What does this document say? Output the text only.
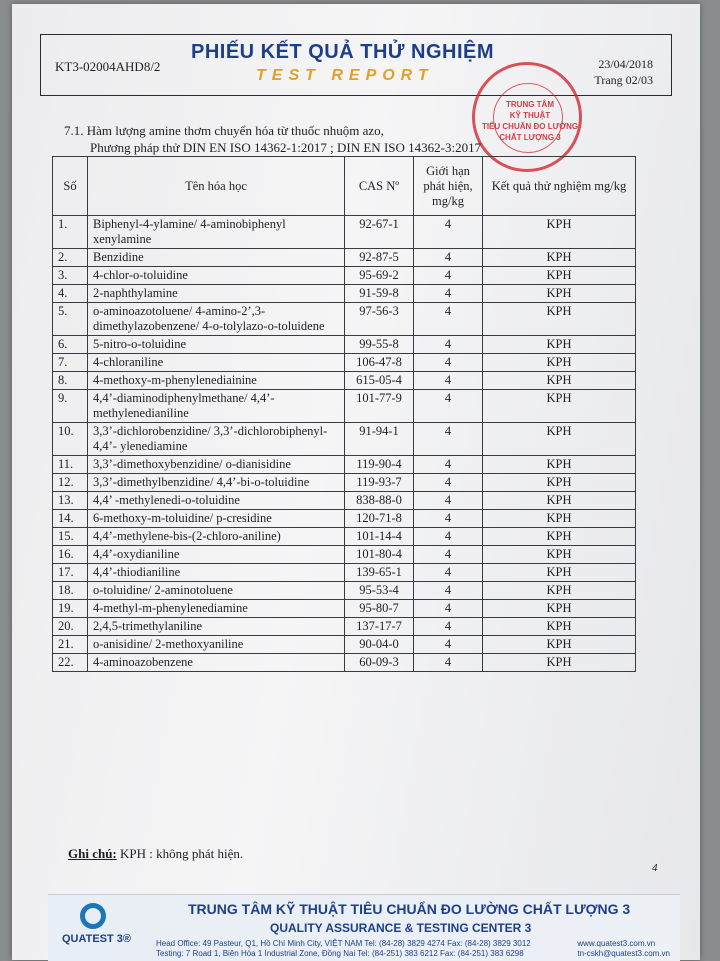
KT3-02004AHD8/2
PHIẾU KẾT QUẢ THỬ NGHIỆM
TEST REPORT
23/04/2018
Trang 02/03
TRUNG TÂM
KỸ THUẬT
TIÊU CHUẨN ĐO LƯỜNG
CHẤT LƯỢNG 3
7.1. Hàm lượng amine thơm chuyển hóa từ thuốc nhuộm azo,
Phương pháp thử DIN EN ISO 14362-1:2017 ; DIN EN ISO 14362-3:2017
Số	Tên hóa học	CAS Nº	Giới hạn phát hiện, mg/kg	Kết quả thử nghiệm mg/kg
1.	Biphenyl-4-ylamine/ 4-aminobiphenyl xenylamine	92-67-1	4	KPH
2.	Benzidine	92-87-5	4	KPH
3.	4-chlor-o-toluidine	95-69-2	4	KPH
4.	2-naphthylamine	91-59-8	4	KPH
5.	o-aminoazotoluene/ 4-amino-2’,3-dimethylazobenzene/ 4-o-tolylazo-o-toluidene	97-56-3	4	KPH
6.	5-nitro-o-toluidine	99-55-8	4	KPH
7.	4-chloraniline	106-47-8	4	KPH
8.	4-methoxy-m-phenylenediainine	615-05-4	4	KPH
9.	4,4’-diaminodiphenylmethane/ 4,4’-methylenedianiline	101-77-9	4	KPH
10.	3,3’-dichlorobenzidine/ 3,3’-dichlorobiphenyl-4,4’- ylenediamine	91-94-1	4	KPH
11.	3,3’-dimethoxybenzidine/ o-dianisidine	119-90-4	4	KPH
12.	3,3’-dimethylbenzidine/ 4,4’-bi-o-toluidine	119-93-7	4	KPH
13.	4,4’ -methylenedi-o-toluidine	838-88-0	4	KPH
14.	6-methoxy-m-toluidine/ p-cresidine	120-71-8	4	KPH
15.	4,4’-methylene-bis-(2-chloro-aniline)	101-14-4	4	KPH
16.	4,4’-oxydianiline	101-80-4	4	KPH
17.	4,4’-thiodianiline	139-65-1	4	KPH
18.	o-toluidine/ 2-aminotoluene	95-53-4	4	KPH
19.	4-methyl-m-phenylenediamine	95-80-7	4	KPH
20.	2,4,5-trimethylaniline	137-17-7	4	KPH
21.	o-anisidine/ 2-methoxyaniline	90-04-0	4	KPH
22.	4-aminoazobenzene	60-09-3	4	KPH
Ghi chú: KPH : không phát hiện.
4
QUATEST 3®
TRUNG TÂM KỸ THUẬT TIÊU CHUẨN ĐO LƯỜNG CHẤT LƯỢNG 3
QUALITY ASSURANCE & TESTING CENTER 3
Head Office: 49 Pasteur, Q1, Hồ Chí Minh City, VIỆT NAM Tel: (84-28) 3829 4274 Fax: (84-28) 3829 3012
Testing: 7 Road 1, Biên Hòa 1 Industrial Zone, Đồng Nai Tel: (84-251) 383 6212 Fax: (84-251) 383 6298
www.quatest3.com.vn
tn-cskh@quatest3.com.vn
